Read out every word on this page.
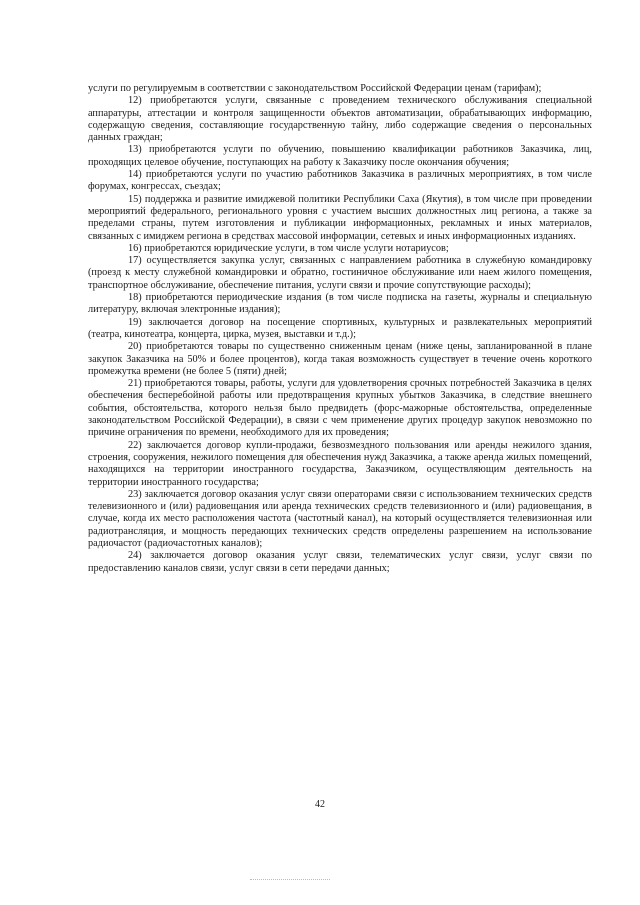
услуги по регулируемым в соответствии с законодательством Российской Федерации ценам (тарифам);

12) приобретаются услуги, связанные с проведением технического обслуживания специальной аппаратуры, аттестации и контроля защищенности объектов автоматизации, обрабатывающих информацию, содержащую сведения, составляющие государственную тайну, либо содержащие сведения о персональных данных граждан;

13) приобретаются услуги по обучению, повышению квалификации работников Заказчика, лиц, проходящих целевое обучение, поступающих на работу к Заказчику после окончания обучения;

14) приобретаются услуги по участию работников Заказчика в различных мероприятиях, в том числе форумах, конгрессах, съездах;

15) поддержка и развитие имиджевой политики Республики Саха (Якутия), в том числе при проведении мероприятий федерального, регионального уровня с участием высших должностных лиц региона, а также за пределами страны, путем изготовления и публикации информационных, рекламных и иных материалов, связанных с имиджем региона в средствах массовой информации, сетевых и иных информационных изданиях.

16) приобретаются юридические услуги, в том числе услуги нотариусов;

17) осуществляется закупка услуг, связанных с направлением работника в служебную командировку (проезд к месту служебной командировки и обратно, гостиничное обслуживание или наем жилого помещения, транспортное обслуживание, обеспечение питания, услуги связи и прочие сопутствующие расходы);

18) приобретаются периодические издания (в том числе подписка на газеты, журналы и специальную литературу, включая электронные издания);

19) заключается договор на посещение спортивных, культурных и развлекательных мероприятий (театра, кинотеатра, концерта, цирка, музея, выставки и т.д.);

20) приобретаются товары по существенно сниженным ценам (ниже цены, запланированной в плане закупок Заказчика на 50% и более процентов), когда такая возможность существует в течение очень короткого промежутка времени (не более 5 (пяти) дней;

21) приобретаются товары, работы, услуги для удовлетворения срочных потребностей Заказчика в целях обеспечения бесперебойной работы или предотвращения крупных убытков Заказчика, в следствие внешнего события, обстоятельства, которого нельзя было предвидеть (форс-мажорные обстоятельства, определенные законодательством Российской Федерации), в связи с чем применение других процедур закупок невозможно по причине ограничения по времени, необходимого для их проведения;

22) заключается договор купли-продажи, безвозмездного пользования или аренды нежилого здания, строения, сооружения, нежилого помещения для обеспечения нужд Заказчика, а также аренда жилых помещений, находящихся на территории иностранного государства, Заказчиком, осуществляющим деятельность на территории иностранного государства;

23) заключается договор оказания услуг связи операторами связи с использованием технических средств телевизионного и (или) радиовещания или аренда технических средств телевизионного и (или) радиовещания, в случае, когда их место расположения частота (частотный канал), на который осуществляется телевизионная или радиотрансляция, и мощность передающих технических средств определены разрешением на использование радиочастот (радиочастотных каналов);

24) заключается договор оказания услуг связи, телематических услуг связи, услуг связи по предоставлению каналов связи, услуг связи в сети передачи данных;

42
